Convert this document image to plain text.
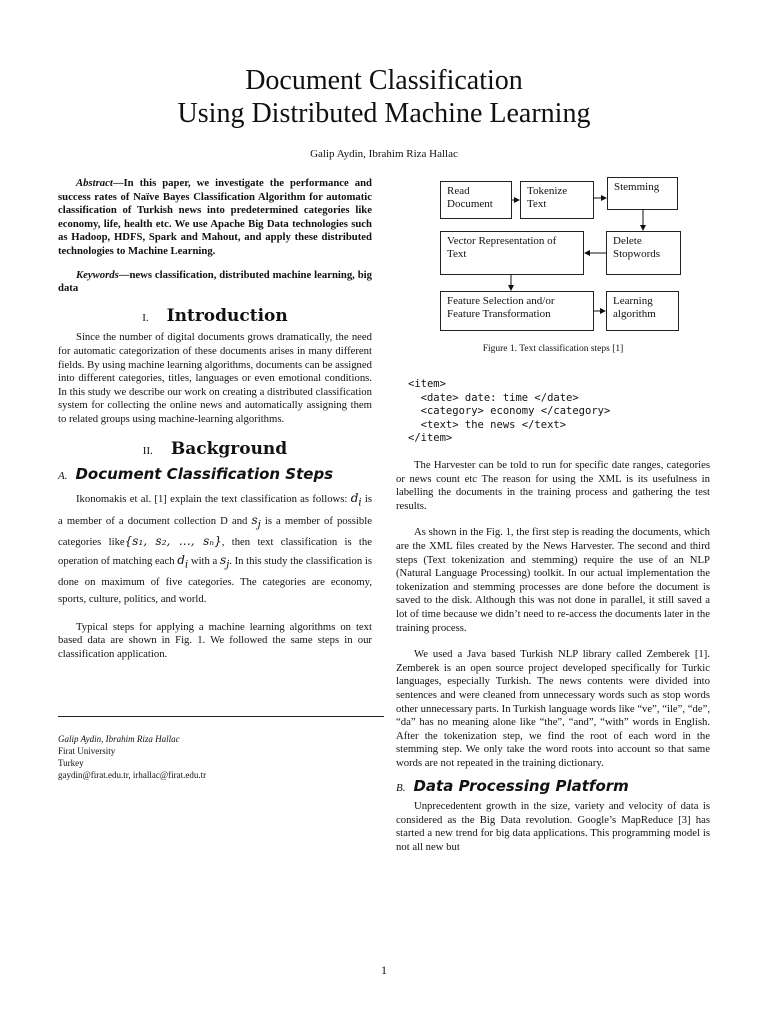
Document Classification
Using Distributed Machine Learning
Galip Aydin, Ibrahim Riza Hallac

Abstract—In this paper, we investigate the performance and success rates of Naïve Bayes Classification Algorithm for automatic classification of Turkish news into predetermined categories like economy, life, health etc. We use Apache Big Data technologies such as Hadoop, HDFS, Spark and Mahout, and apply these distributed technologies to Machine Learning.

Keywords—news classification, distributed machine learning, big data

I. Introduction

Since the number of digital documents grows dramatically, the need for automatic categorization of these documents arises in many different fields. By using machine learning algorithms, documents can be assigned into different categories, titles, languages or even emotional conditions. In this study we describe our work on creating a distributed classification system for collecting the online news and automatically assigning them to related groups using machine-learning algorithms.

II. Background
A. Document Classification Steps

Ikonomakis et al. [1] explain the text classification as follows: $d_i$ is a member of a document collection D and $s_j$ is a member of possible categories like{s₁, s₂, …, sₙ}, then text classification is the operation of matching each $d_i$ with a $s_j$. In this study the classification is done on maximum of five categories. The categories are economy, sports, culture, politics, and world.

Typical steps for applying a machine learning algorithms on text based data are shown in Fig. 1. We followed the same steps in our classification application.

Galip Aydin, Ibrahim Riza Hallac
Firat University
Turkey
gaydin@firat.edu.tr, irhallac@firat.edu.tr
Read Document
Tokenize Text
Stemming
Vector Representation of Text
Delete Stopwords
Feature Selection and/or Feature Transformation
Learning algorithm
Figure 1. Text classification steps [1]
<item>
<date> date: time </date>
<category> economy </category>
<text> the news </text>
</item>

The Harvester can be told to run for specific date ranges, categories or news count etc The reason for using the XML is its usefulness in labelling the documents in the training process and gathering the test results.

As shown in the Fig. 1, the first step is reading the documents, which are the XML files created by the News Harvester. The second and third steps (Text tokenization and stemming) require the use of an NLP (Natural Language Processing) toolkit. In our actual implementation the tokenization and stemming processes are done before the document is saved to the disk. Although this was not done in parallel, it still saved a lot of time because we didn’t need to re-access the documents later in the training process.

We used a Java based Turkish NLP library called Zemberek [1]. Zemberek is an open source project developed specifically for Turkic languages, especially Turkish. The news contents were divided into sentences and were cleaned from unnecessary words such as stop words other unnecessary parts. In Turkish language words like “ve”, “ile”, “de”, “da” has no meaning alone like “the”, “and”, “with” words in English. After the tokenization step, we find the root of each word in the stemming step. We only take the word roots into account so that same words are not repeated in the training dictionary.

B. Data Processing Platform

Unprecedentent growth in the size, variety and velocity of data is considered as the Big Data revolution. Google’s MapReduce [3] has started a new trend for big data applications. This programming model is not all new but

1
